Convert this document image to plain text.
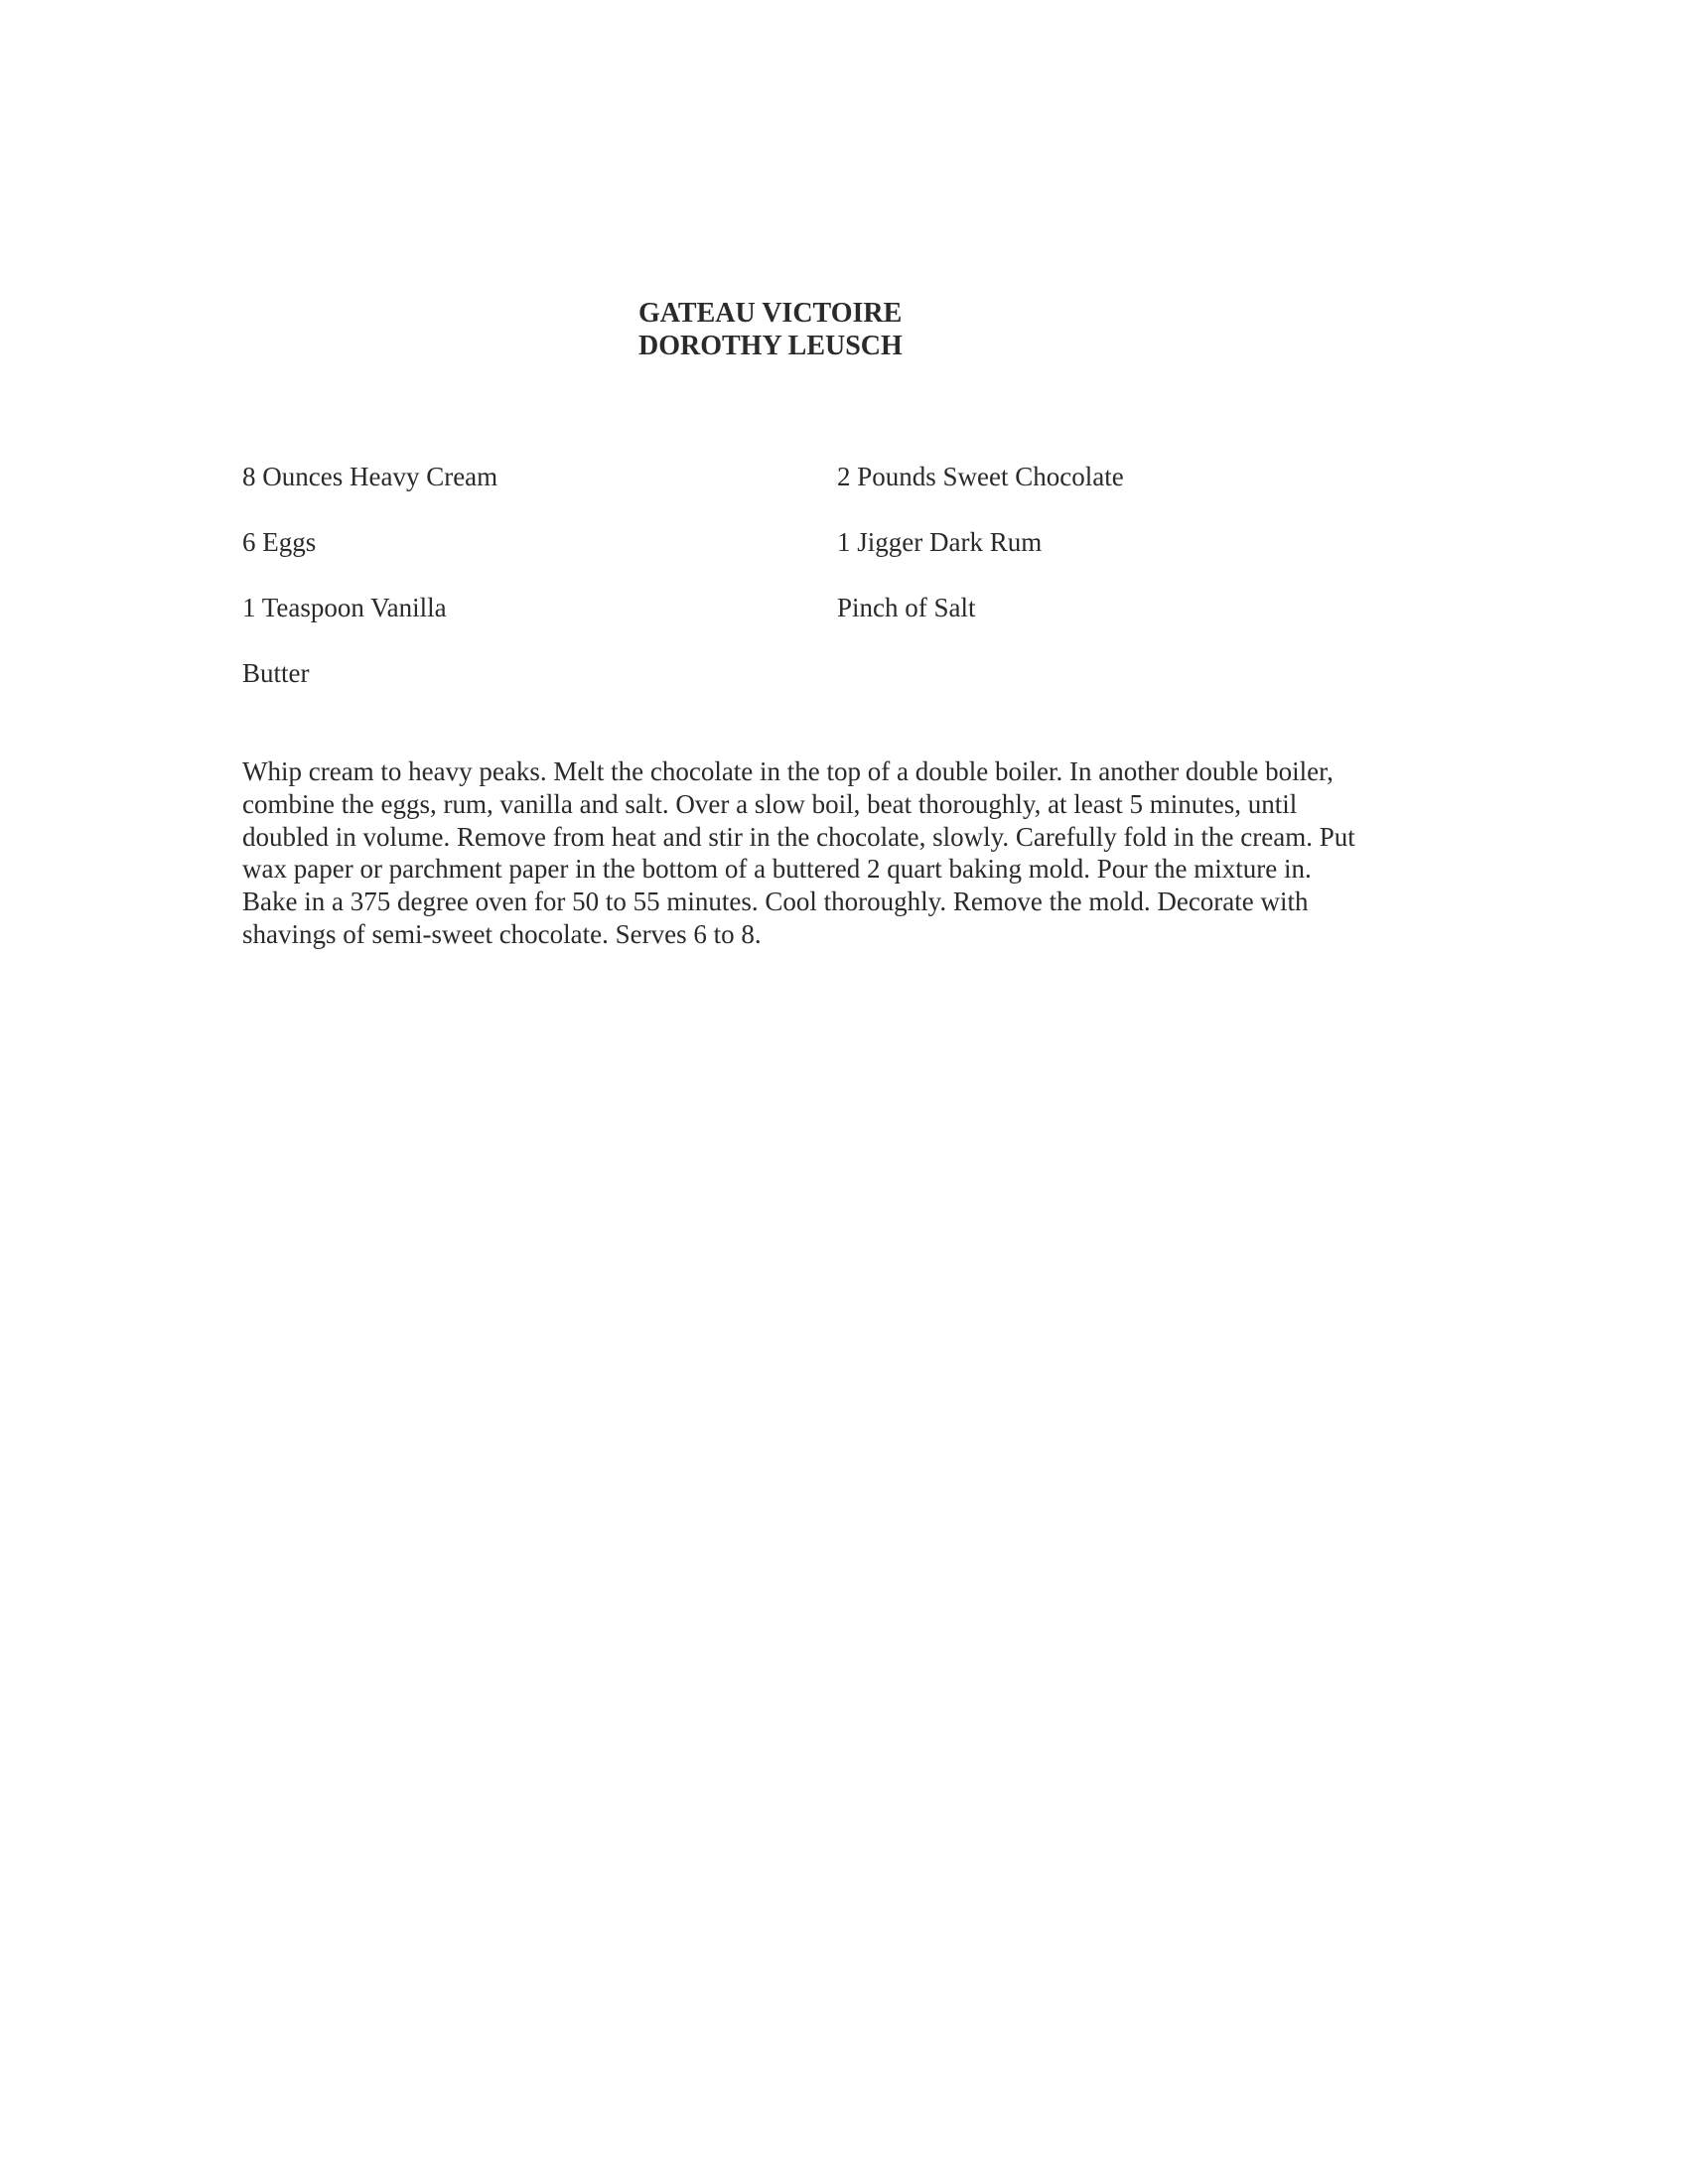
GATEAU VICTOIRE
DOROTHY LEUSCH
8 Ounces Heavy Cream	2 Pounds Sweet Chocolate
6 Eggs	1 Jigger Dark Rum
1 Teaspoon Vanilla	Pinch of Salt
Butter
Whip cream to heavy peaks. Melt the chocolate in the top of a double boiler. In another double boiler,
combine the eggs, rum, vanilla and salt. Over a slow boil, beat thoroughly, at least 5 minutes, until
doubled in volume. Remove from heat and stir in the chocolate, slowly. Carefully fold in the cream. Put
wax paper or parchment paper in the bottom of a buttered 2 quart baking mold. Pour the mixture in.
Bake in a 375 degree oven for 50 to 55 minutes. Cool thoroughly. Remove the mold. Decorate with
shavings of semi-sweet chocolate. Serves 6 to 8.
